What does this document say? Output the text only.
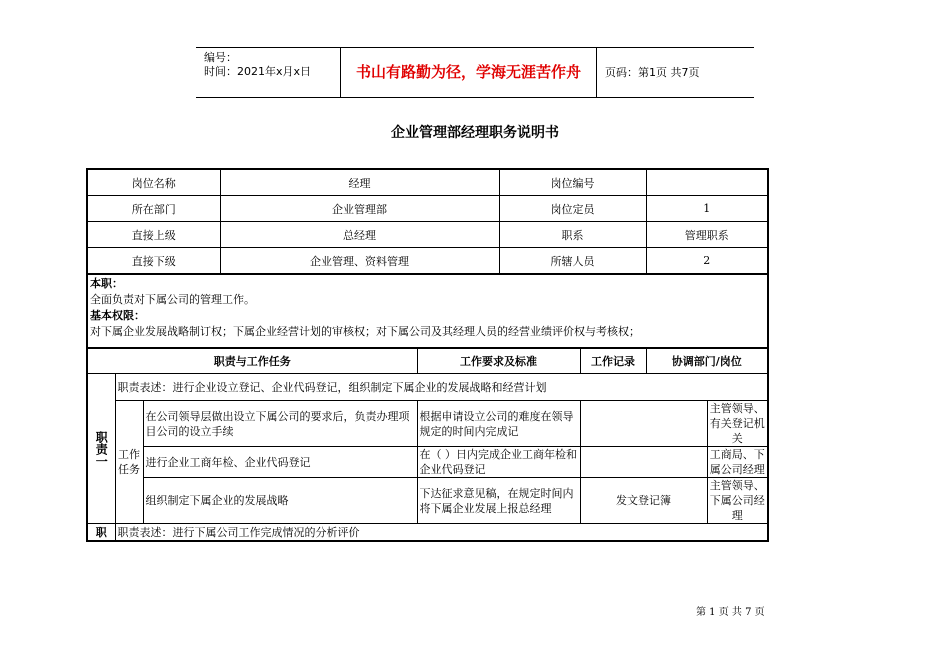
编号：
时间：2021年x月x日	书山有路勤为径，学海无涯苦作舟	页码：第1页 共7页
企业管理部经理职务说明书
岗位名称			经理		岗位编号			
所在部门			企业管理部		岗位定员		1	
直接上级			总经理		职系		管理职系	
直接下级			企业管理、资料管理		所辖人员		2	

本职：
全面负责对下属公司的管理工作。
基本权限：
对下属企业发展战略制订权；下属企业经营计划的审核权；对下属公司及其经理人员的经营业绩评价权与考核权；								

职责与工作任务				工作要求及标准		工作记录	协调部门/岗位	
职责一	职责表述：进行企业设立登记、企业代码登记，组织制定下属企业的发展战略和经营计划							
	工作任务	在公司领导层做出设立下属公司的要求后，负责办理项目公司的设立手续		根据申请设立公司的难度在领导规定的时间内完成记				主管领导、有关登记机关
		进行企业工商年检、企业代码登记		在（ ）日内完成企业工商年检和企业代码登记				工商局、下属公司经理
		组织制定下属企业的发展战略		下达征求意见稿，在规定时间内将下属企业发展上报总经理		发文登记簿		主管领导、下属公司经理
职	职责表述：进行下属公司工作完成情况的分析评价							
第 1 页 共 7 页
